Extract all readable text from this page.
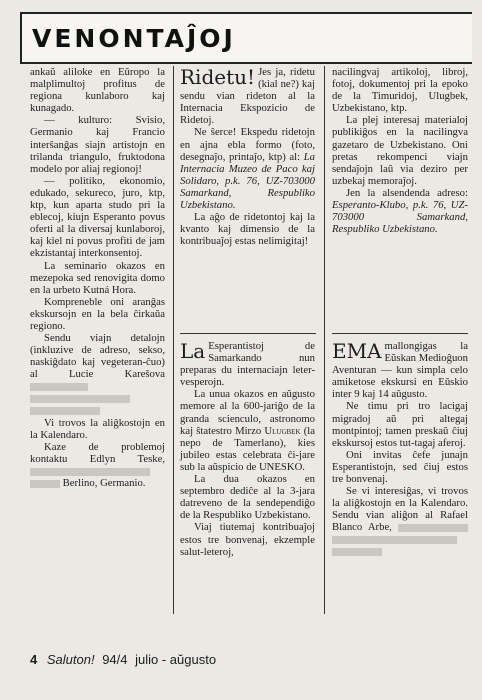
VENONTAĴOJ

ankaŭ aliloke en Eŭropo la malplimultoj profitus de regiona kunlaboro kaj kunagado.

— kulturo: Svisio, Germanio kaj Francio interŝanĝas siajn artistojn en trilanda triangulo, fruktodona modelo por aliaj regionoj!

— politiko, ekonomio, edukado, sekureco, juro, ktp, ktp, kun aparta studo pri la eblecoj, kiujn Esperanto povus oferti al la diversaj kunlaboroj, kaj kiel ni povus profiti de jam ekzistantaj interkonsentoj.

La seminario okazos en mezepoka sed renovigita domo en la urbeto Kutná Hora.

Kompreneble oni aranĝas ekskursojn en la bela ĉirkaŭa regiono.

Sendu viajn detalojn (inkluzive de adreso, sekso, naskiĝdato kaj vegeteran-ĉuo) al Lucie Karešova

Vi trovos la aliĝkostojn en la Kalendaro.

Kaze de problemoj kontaktu Edlyn Teske,   Berlino, Germanio.

Ridetu! Jes ja, ridetu (kial ne?) kaj sendu vian rideton al la Internacia Ekspozicio de Ridetoj.

Ne ŝerce! Ekspedu ridetojn en ajna ebla formo (foto, desegnaĵo, printaĵo, ktp) al: La Internacia Muzeo de Paco kaj Solidaro, p.k. 76, UZ-703000 Samarkand, Respubliko Uzbekistano.

La aĝo de ridetontoj kaj la kvanto kaj dimensio de la kontribuaĵoj estas nelimigitaj!

La Esperantistoj de Samarkando nun preparas du internaciajn leter-vesperojn.

La unua okazos en aŭgusto memore al la 600-jariĝo de la granda scienculo, astronomo kaj ŝtatestro Mirzo Ulugbek (la nepo de Tamerlano), kies jubileo estas celebrata ĉi-jare sub la aŭspicio de UNESKO.

La dua okazos en septembro dediĉe al la 3-jara datreveno de la sendependiĝo de la Respubliko Uzbekistano.

Viaj tiutemaj kontribuaĵoj estos tre bonvenaj, ekzemple salut-leteroj,

nacilingvaj artikoloj, libroj, fotoj, dokumentoj pri la epoko de la Timuridoj, Ulugbek, Uzbekistano, ktp.

La plej interesaj materialoj publikiĝos en la nacilingva gazetaro de Uzbekistano. Oni pretas rekompenci viajn sendaĵojn laŭ via deziro per uzbekaj memoraĵoj.

Jen la alsendenda adreso: Esperanto-Klubo, p.k. 76, UZ-703000 Samarkand, Respubliko Uzbekistano.

EMA mallongigas la Eŭskan Medioĝuon Aventuran — kun simpla celo amiketose ekskursi en Eŭskio inter 9 kaj 14 aŭgusto.

Ne timu pri tro lacigaj migradoj aŭ pri altegaj montpintoj; tamen preskaŭ ĉiuj ekskursoj estos tut-tagaj aferoj.

Oni invitas ĉefe junajn Esperantistojn, sed ĉiuj estos tre bonvenaj.

Se vi interesiĝas, vi trovos la aliĝkostojn en la Kalendaro. Sendu vian aliĝon al Rafael Blanco Arbe,

4 Saluton! 94/4 julio - aŭgusto
